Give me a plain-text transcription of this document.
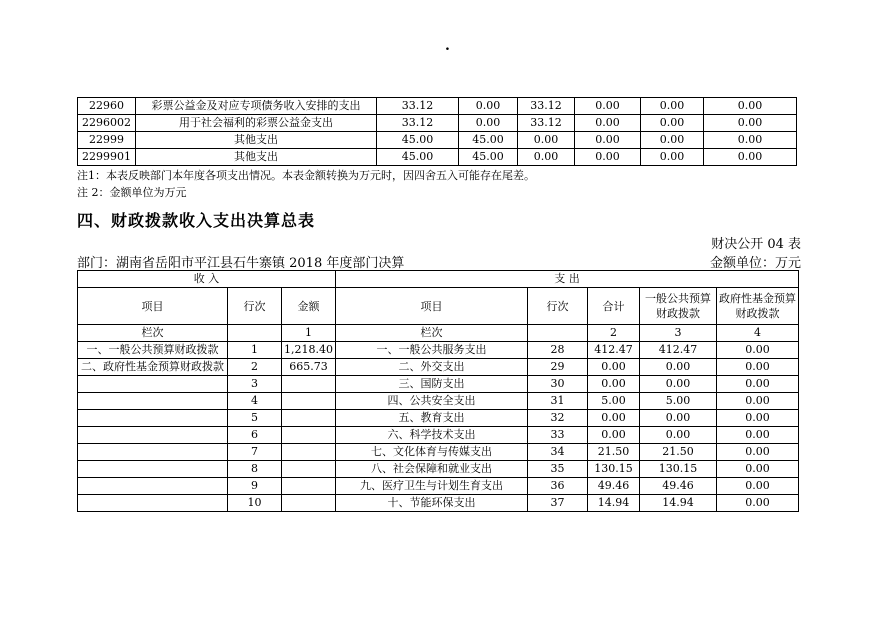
.
22960	彩票公益金及对应专项债务收入安排的支出	33.12	0.00	33.12	0.00	0.00	0.00
2296002	用于社会福利的彩票公益金支出	33.12	0.00	33.12	0.00	0.00	0.00
22999	其他支出	45.00	45.00	0.00	0.00	0.00	0.00
2299901	其他支出	45.00	45.00	0.00	0.00	0.00	0.00
注1：本表反映部门本年度各项支出情况。本表金额转换为万元时，因四舍五入可能存在尾差。
注 2：金额单位为万元
四、财政拨款收入支出决算总表
财决公开 04 表
部门：湖南省岳阳市平江县石牛寨镇 2018 年度部门决算	金额单位：万元
收 入			支 出				
项目	行次	金额	项目	行次	合计	一般公共预算财政拨款	政府性基金预算财政拨款
栏次		1	栏次		2	3	4
一、一般公共预算财政拨款	1	1,218.40	一、一般公共服务支出	28	412.47	412.47	0.00
二、政府性基金预算财政拨款	2	665.73	二、外交支出	29	0.00	0.00	0.00
	3		三、国防支出	30	0.00	0.00	0.00
	4		四、公共安全支出	31	5.00	5.00	0.00
	5		五、教育支出	32	0.00	0.00	0.00
	6		六、科学技术支出	33	0.00	0.00	0.00
	7		七、文化体育与传媒支出	34	21.50	21.50	0.00
	8		八、社会保障和就业支出	35	130.15	130.15	0.00
	9		九、医疗卫生与计划生育支出	36	49.46	49.46	0.00
	10		十、节能环保支出	37	14.94	14.94	0.00
